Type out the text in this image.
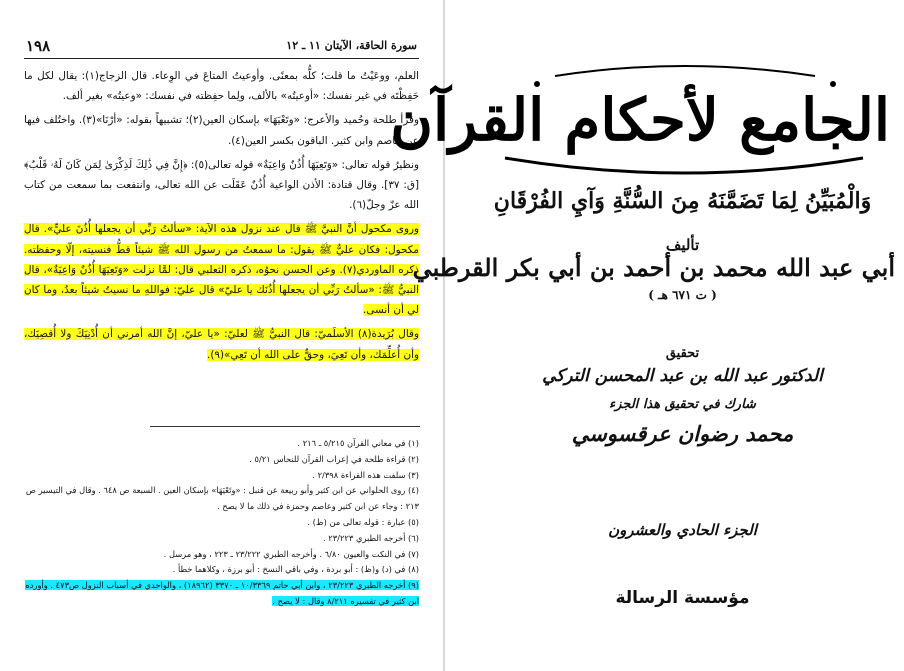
١٩٨	سورة الحاقة، الآيتان ١١ ـ ١٢

العلم، ووعَيْتُ ما قلت؛ كلُّه بمعنًى. وأوعيتُ المتاعَ في الوِعاء. قال الزجاج(١): يقال لكل ما حَفِظْتَه في غير نفسك: «أوعيتُه» بالألف، ولِما حفِظته في نفسك: «وعيتُه» بغير ألف.

وقرأ طلحة وحُميد والأعرج: «وتَعْيَهَا» بإسكان العين(٢)؛ تشبيهاً بقوله: «أرْنَا»(٣). واختُلف فيها عن عاصم وابن كثير. الباقون بكسر العين(٤).

ونظيرُ قوله تعالى: «وَتَعِيَهَا أُذُنٌ وَاعِيَةٌ» قوله تعالى(٥): ﴿إِنَّ فِي ذَٰلِكَ لَذِكْرَىٰ لِمَن كَانَ لَهُۥ قَلْبٌ﴾ [ق: ٣٧]. وقال قتادة: الأذن الواعية أُذُنٌ عَقَلَت عن الله تعالى، وانتفعت بما سمعت من كتاب الله عزّ وجلّ(٦).

وروى مكحول أنَّ النبيَّ ﷺ قال عند نزول هذه الآية: «سألتُ رَبِّي أن يجعلها أُذُنَ عليٍّ». قال مكحول: فكان عليٌّ ﷺ يقول: ما سمعتُ من رسول الله ﷺ شيئاً قطُّ فنسيته، إلّا وحفظته. ذكره الماوردي(٧). وعن الحسن نحوُه، ذكره الثعلبي قال: لمَّا نزلت «وَتَعِيَهَا أُذُنٌ وَاعِيَةٌ»، قال النبيُّ ﷺ: «سألتُ رَبِّي أن يجعلها أُذُنَك يا عليّ» قال عليّ: فواللهِ ما نسيتُ شيئاً بعدُ، وما كان لي أن أنسى.

وقال بُرَيدة(٨) الأسلَميّ: قال النبيُّ ﷺ لعليّ: «يا عليّ، إنَّ الله أمرني أن أُدْنِيَكَ ولا أُقصِيَك، وأن أُعلِّمَك، وأن تَعِيَ، وحقٌّ على الله أن تَعِي»(٩).

(١) في معاني القرآن ٥/٢١٥ ـ ٢١٦ .

(٢) قراءة طلحة في إعراب القرآن للنحاس ٥/٢١ .

(٣) سلفت هذه القراءة ٢/٣٩٨ .

(٤) روى الحلواني عن ابن كثير وأبو ربيعة عن قنبل : «وتَعْيَهَا» بإسكان العين . السبعة ص ٦٤٨ . وقال في التيسير ص ٢١٣ : وجاء عن ابن كثير وعاصم وحمزة في ذلك ما لا يصح .

(٥) عبارة : قوله تعالى من (ظ) .

(٦) أخرجه الطبري ٢٣/٢٢٣ .

(٧) في النكت والعيون ٦/٨٠ . وأخرجه الطبري ٢٣/٢٢٢ ـ ٢٢٣ ، وهو مرسل .

(٨) في (د) و(ظ) : أبو بردة ، وفي باقي النسخ : أبو برزة ، وكلاهما خطأ .

(٩) أخرجه الطبري ٢٣/٢٢٣ ، وابن أبي حاتم ١٠/٣٣٦٩ ـ ٣٣٧٠ (١٨٩٦٢) ، والواحدي في أسباب النزول ص٤٧٣ . وأورده ابن كثير في تفسيره ٨/٢١١ وقال : لا يصح .

الجامع لأحكام القرآن
وَالْمُبَيِّنُ لِمَا تَضَمَّنَهُ مِنَ السُّنَّةِ وَآيِ الفُرْقَانِ
تأليف
أبي عبد الله محمد بن أحمد بن أبي بكر القرطبي
( ت ٦٧١ هـ )
تحقيق
الدكتور عبد الله بن عبد المحسن التركي
شارك في تحقيق هذا الجزء
محمد رضوان عرقسوسي
الجزء الحادي والعشرون
مؤسسة الرسالة
